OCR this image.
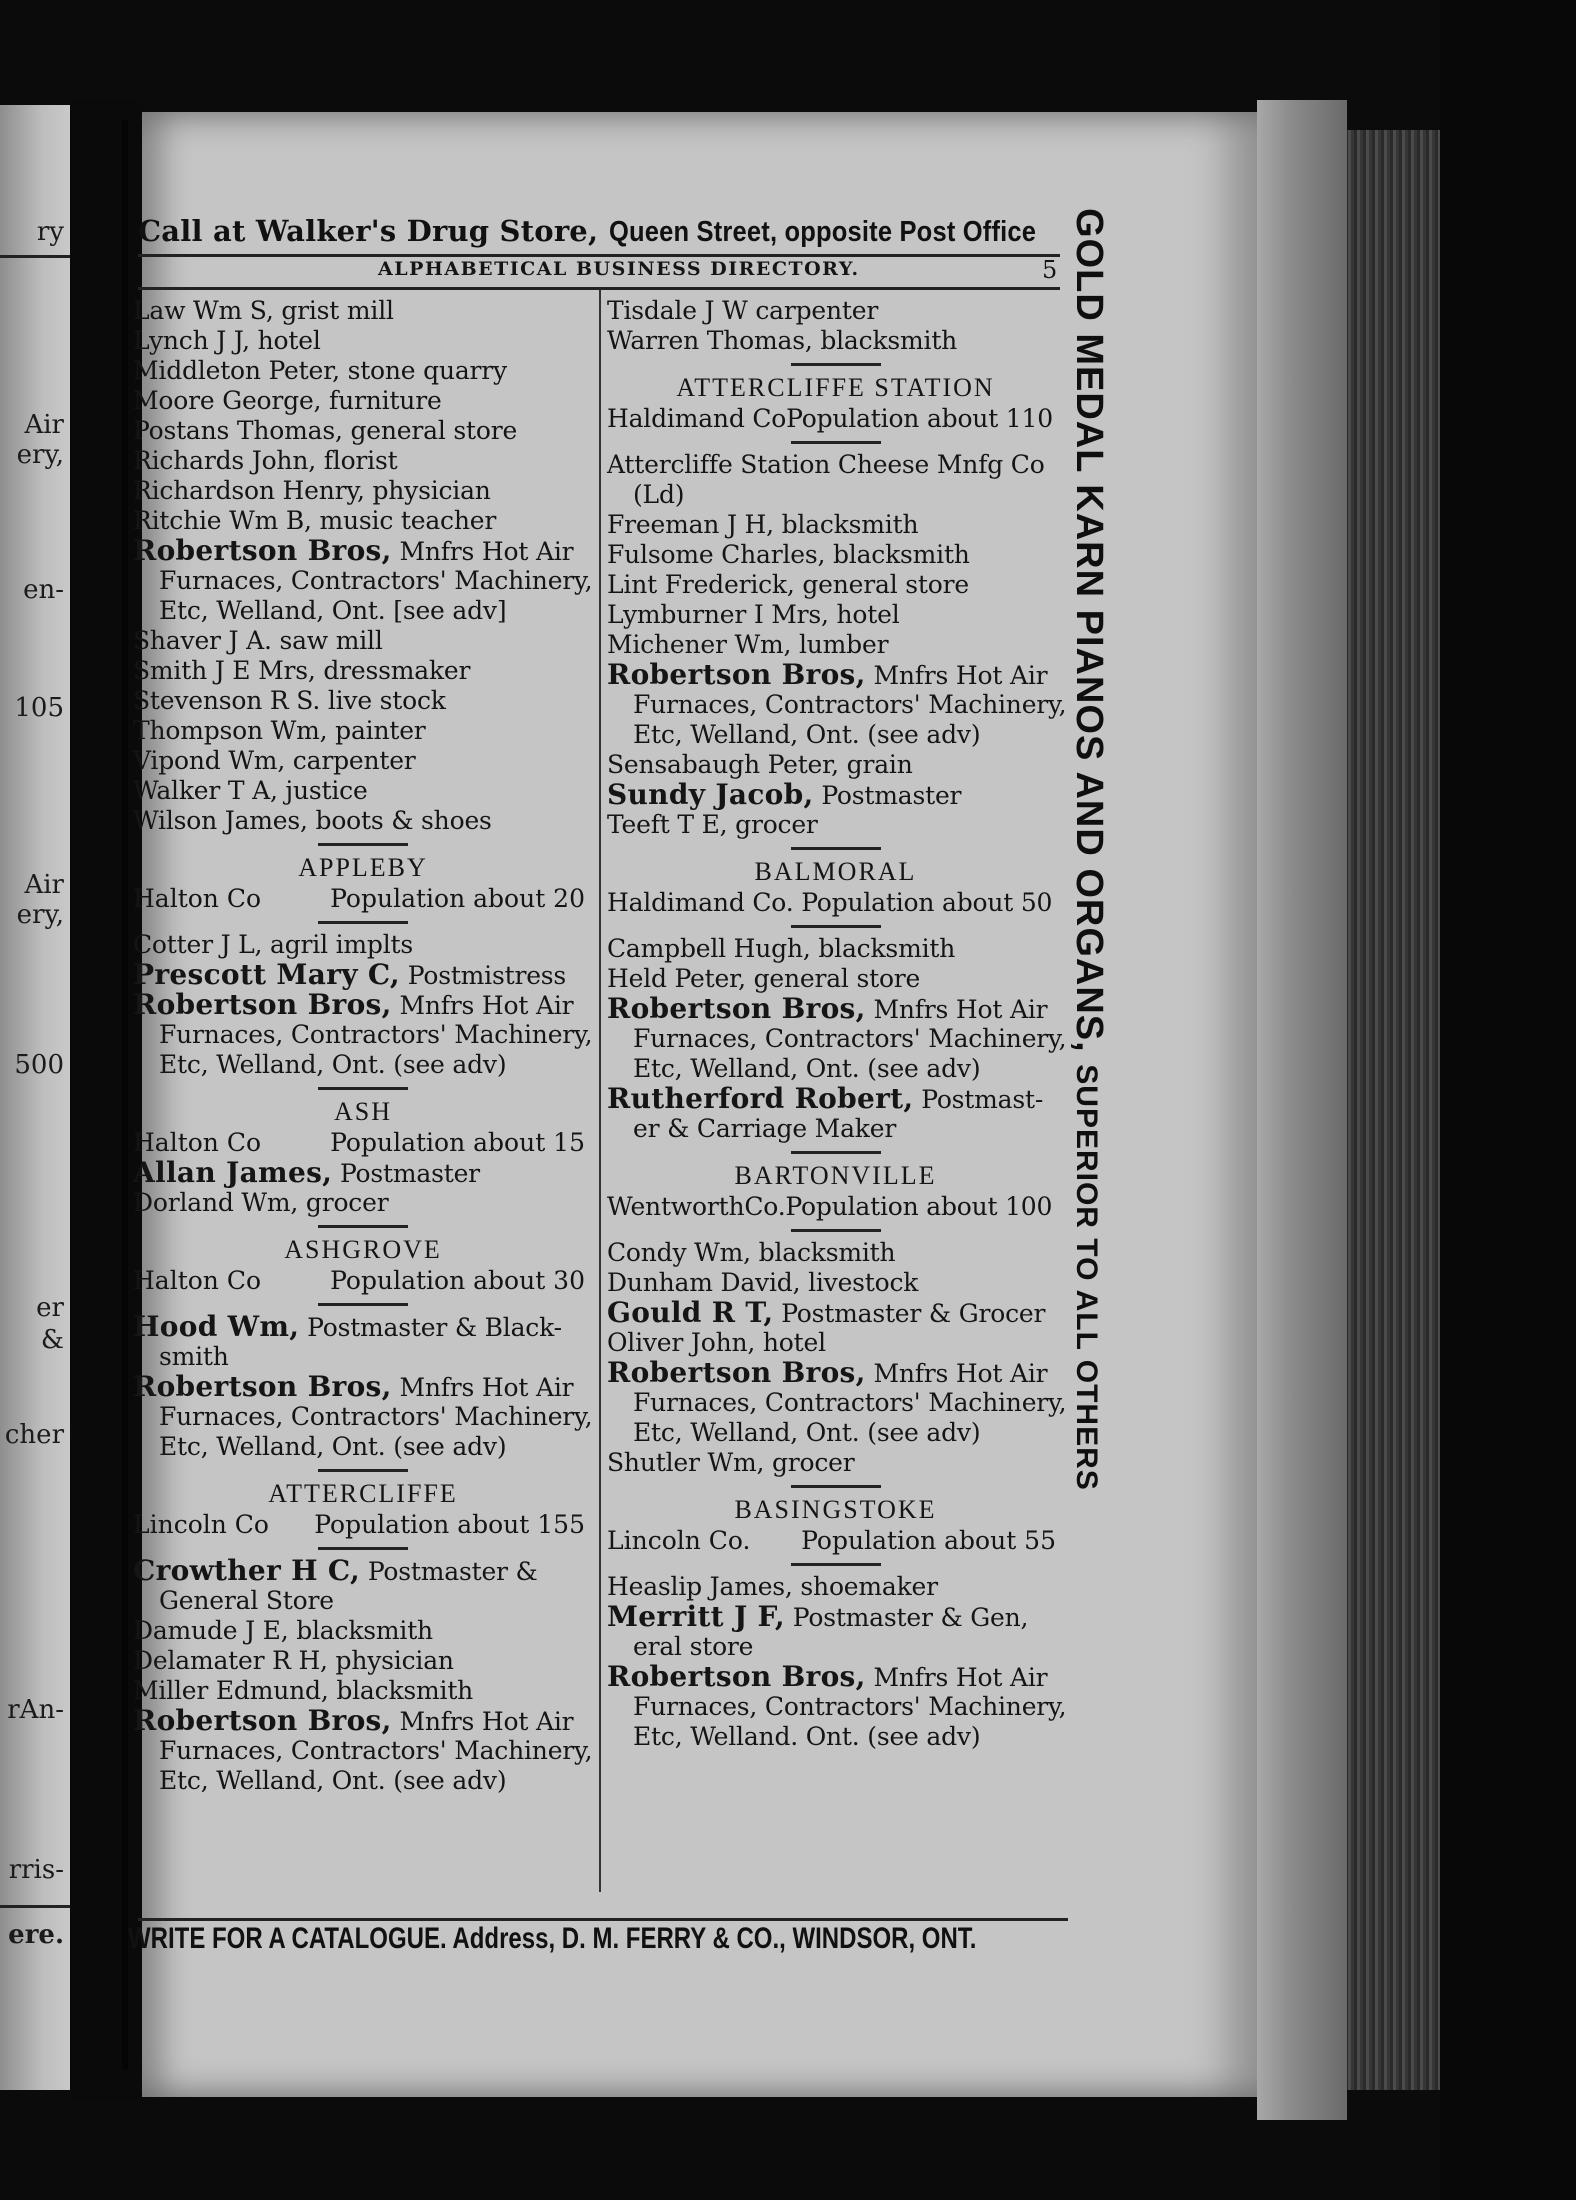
ry
Air
ery,
en-
105
Air
ery,
500
er
&
cher
rAn-
rris-
ere.
Call at Walker's Drug Store, Queen Street, opposite Post Office
ALPHABETICAL BUSINESS DIRECTORY.	5
Law Wm S, grist mill
Lynch J J, hotel
Middleton Peter, stone quarry
Moore George, furniture
Postans Thomas, general store
Richards John, florist
Richardson Henry, physician
Ritchie Wm B, music teacher
Robertson Bros, Mnfrs Hot Air
Furnaces, Contractors' Machinery,
Etc, Welland, Ont. [see adv]
Shaver J A. saw mill
Smith J E Mrs, dressmaker
Stevenson R S. live stock
Thompson Wm, painter
Vipond Wm, carpenter
Walker T A, justice
Wilson James, boots & shoes
APPLEBY
Halton Co	Population about 20
Cotter J L, agril implts
Prescott Mary C, Postmistress
Robertson Bros, Mnfrs Hot Air
Furnaces, Contractors' Machinery,
Etc, Welland, Ont. (see adv)
ASH
Halton Co	Population about 15
Allan James, Postmaster
Dorland Wm, grocer
ASHGROVE
Halton Co	Population about 30
Hood Wm, Postmaster & Black-
smith
Robertson Bros, Mnfrs Hot Air
Furnaces, Contractors' Machinery,
Etc, Welland, Ont. (see adv)
ATTERCLIFFE
Lincoln Co Population about 155
Crowther H C, Postmaster &
General Store
Damude J E, blacksmith
Delamater R H, physician
Miller Edmund, blacksmith
Robertson Bros, Mnfrs Hot Air
Furnaces, Contractors' Machinery,
Etc, Welland, Ont. (see adv)
Tisdale J W carpenter
Warren Thomas, blacksmith
ATTERCLIFFE STATION
Haldimand CoPopulation about 110
Attercliffe Station Cheese Mnfg Co
(Ld)
Freeman J H, blacksmith
Fulsome Charles, blacksmith
Lint Frederick, general store
Lymburner I Mrs, hotel
Michener Wm, lumber
Robertson Bros, Mnfrs Hot Air
Furnaces, Contractors' Machinery,
Etc, Welland, Ont. (see adv)
Sensabaugh Peter, grain
Sundy Jacob, Postmaster
Teeft T E, grocer
BALMORAL
Haldimand Co. Population about 50
Campbell Hugh, blacksmith
Held Peter, general store
Robertson Bros, Mnfrs Hot Air
Furnaces, Contractors' Machinery,
Etc, Welland, Ont. (see adv)
Rutherford Robert, Postmast-
er & Carriage Maker
BARTONVILLE
WentworthCo.Population about 100
Condy Wm, blacksmith
Dunham David, livestock
Gould R T, Postmaster & Grocer
Oliver John, hotel
Robertson Bros, Mnfrs Hot Air
Furnaces, Contractors' Machinery,
Etc, Welland, Ont. (see adv)
Shutler Wm, grocer
BASINGSTOKE
Lincoln Co. Population about 55
Heaslip James, shoemaker
Merritt J F, Postmaster & Gen,
eral store
Robertson Bros, Mnfrs Hot Air
Furnaces, Contractors' Machinery,
Etc, Welland. Ont. (see adv)
GOLD MEDAL KARN PIANOS AND ORGANS, SUPERIOR TO ALL OTHERS
WRITE FOR A CATALOGUE. Address, D. M. FERRY & CO., WINDSOR, ONT.
